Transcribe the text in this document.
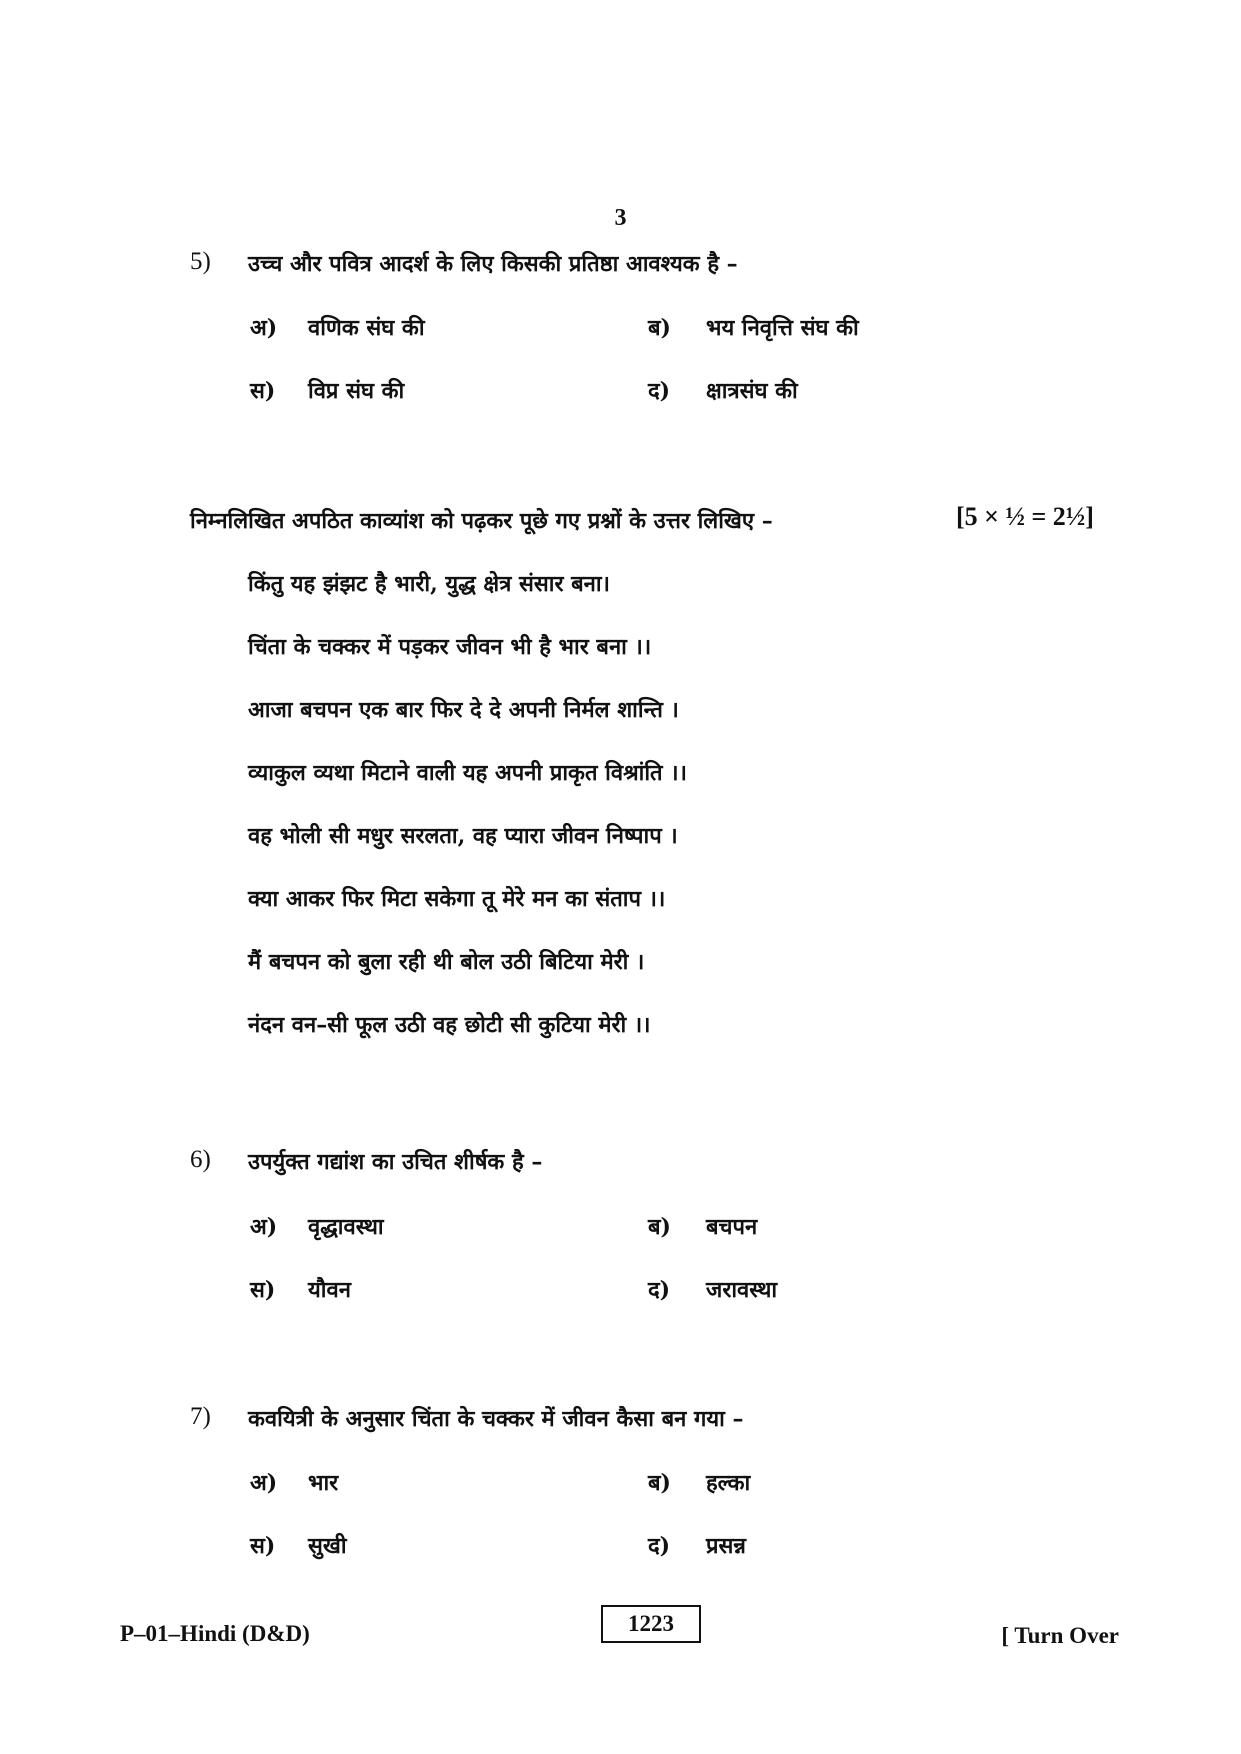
3
5) उच्च और पवित्र आदर्श के लिए किसकी प्रतिष्ठा आवश्यक है –
अ) वणिक संघ की	ब) भय निवृत्ति संघ की
स) विप्र संघ की	द) क्षात्रसंघ की
निम्नलिखित अपठित काव्यांश को पढ़कर पूछे गए प्रश्नों के उत्तर लिखिए –	[5 × ½ = 2½]
किंतु यह झंझट है भारी, युद्ध क्षेत्र संसार बना।
चिंता के चक्कर में पड़कर जीवन भी है भार बना ।।
आजा बचपन एक बार फिर दे दे अपनी निर्मल शान्ति ।
व्याकुल व्यथा मिटाने वाली यह अपनी प्राकृत विश्रांति ।।
वह भोली सी मधुर सरलता, वह प्यारा जीवन निष्पाप ।
क्या आकर फिर मिटा सकेगा तू मेरे मन का संताप ।।
मैं बचपन को बुला रही थी बोल उठी बिटिया मेरी ।
नंदन वन–सी फूल उठी वह छोटी सी कुटिया मेरी ।।
6) उपर्युक्त गद्यांश का उचित शीर्षक है –
अ) वृद्धावस्था	ब) बचपन
स) यौवन	द) जरावस्था
7) कवयित्री के अनुसार चिंता के चक्कर में जीवन कैसा बन गया –
अ) भार	ब) हल्का
स) सुखी	द) प्रसन्न
P–01–Hindi (D&D)	1223	[ Turn Over
